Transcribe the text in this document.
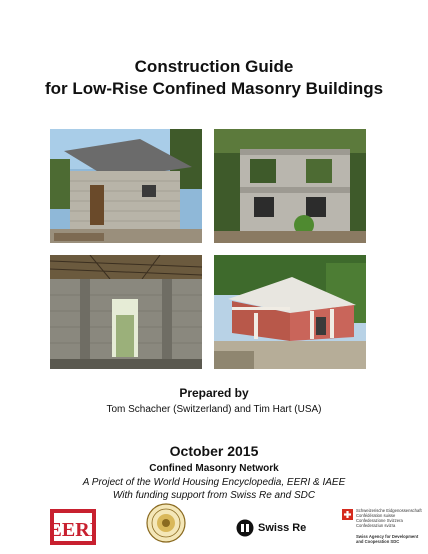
Construction Guide
for Low-Rise Confined Masonry Buildings
Prepared by
Tom Schacher (Switzerland) and Tim Hart (USA)
October 2015
Confined Masonry Network
A Project of the World Housing Encyclopedia, EERI & IAEE
With funding support from Swiss Re and SDC
EERI	Swiss Re
Schweizerische Eidgenossenschaft
Confédération suisse
Confederazione Svizzera
Confederaziun svizra
Swiss Agency for Development
and Cooperation SDC
